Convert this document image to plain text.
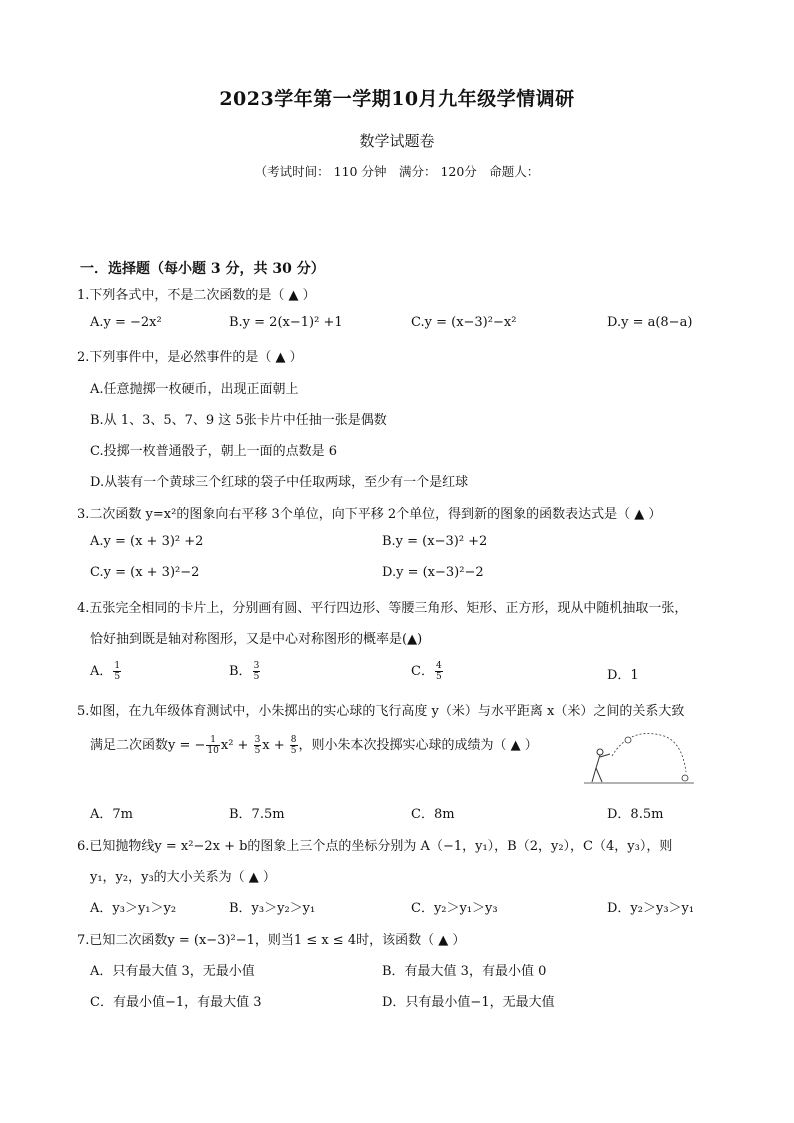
2023学年第一学期10月九年级学情调研
数学试题卷
（考试时间： 110 分钟　满分： 120分　命题人：
一．选择题（每小题 3 分，共 30 分）
1.下列各式中，不是二次函数的是（ ▲ ）
A.y = −2x²	B.y = 2(x−1)² +1	C.y = (x−3)²−x²	D.y = a(8−a)
2.下列事件中，是必然事件的是（ ▲ ）
A.任意抛掷一枚硬币，出现正面朝上
B.从 1、3、5、7、9 这 5张卡片中任抽一张是偶数
C.投掷一枚普通骰子，朝上一面的点数是 6
D.从装有一个黄球三个红球的袋子中任取两球，至少有一个是红球
3.二次函数 y=x²的图象向右平移 3个单位，向下平移 2个单位，得到新的图象的函数表达式是（ ▲ ）
A.y = (x + 3)² +2	B.y = (x−3)² +2
C.y = (x + 3)²−2	D.y = (x−3)²−2
4.五张完全相同的卡片上，分别画有圆、平行四边形、等腰三角形、矩形、正方形，现从中随机抽取一张，
恰好抽到既是轴对称图形，又是中心对称图形的概率是(▲)
A． $\frac{1}{5}$	B． $\frac{3}{5}$	C． $\frac{4}{5}$	D．1
5.如图，在九年级体育测试中，小朱掷出的实心球的飞行高度 y（米）与水平距离 x（米）之间的关系大致
满足二次函数y = − $\frac{1}{10} x^2 + \frac{3}{5}$ $x + \frac{8}{5}$ ，则小朱本次投掷实心球的成绩为（ ▲ ）
A．7m	B．7.5m	C．8m	D．8.5m
6.已知抛物线y = x²−2x + b的图象上三个点的坐标分别为 A（−1，y₁），B（2，y₂），C（4，y₃），则
y₁，y₂，y₃的大小关系为（ ▲ ）
A．y₃＞y₁＞y₂	B．y₃＞y₂＞y₁	C．y₂＞y₁＞y₃	D．y₂＞y₃＞y₁
7.已知二次函数y = (x−3)²−1，则当1 ≤ x ≤ 4时，该函数（ ▲ ）
A．只有最大值 3，无最小值	B．有最大值 3，有最小值 0
C．有最小值−1，有最大值 3	D．只有最小值−1，无最大值
